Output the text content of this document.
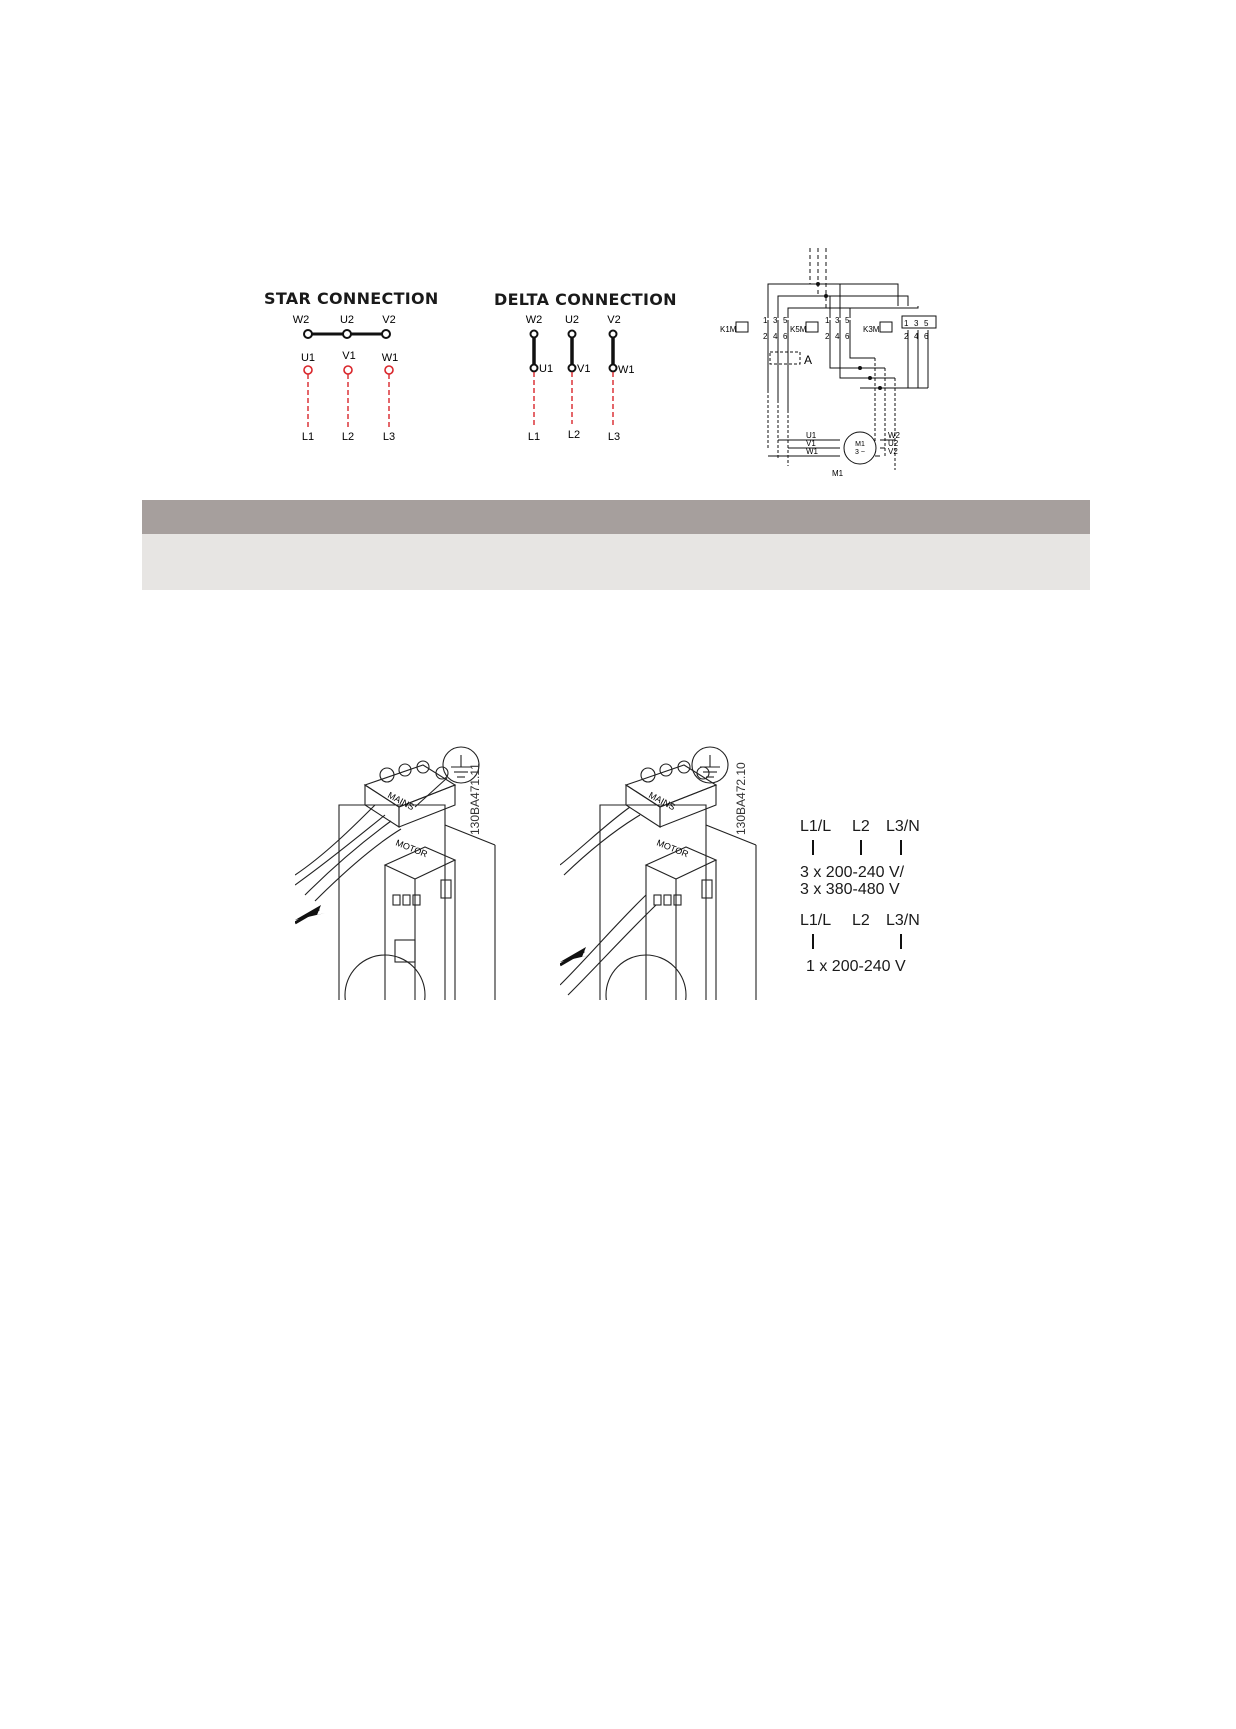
STAR CONNECTION
W2	U2	V2
U1 V1 W1
L1	L2	L3
DELTA CONNECTION
W2 U2	V2
U1 V1	W1
L1	L2	L3
K1M	K5M	K3M
1 3 5
2 4 6
1 3 5
2 4 6
1 3 5
2 4 6
A
U1
V1
W1
W2
U2
V2
M1
3 ~
M1
MAINS
MOTOR
130BA471.11	MAINS
MOTOR
130BA472.10	L1/L L2 L3/N
3 x 200-240 V/
3 x 380-480 V
L1/L L2 L3/N
1 x 200-240 V
